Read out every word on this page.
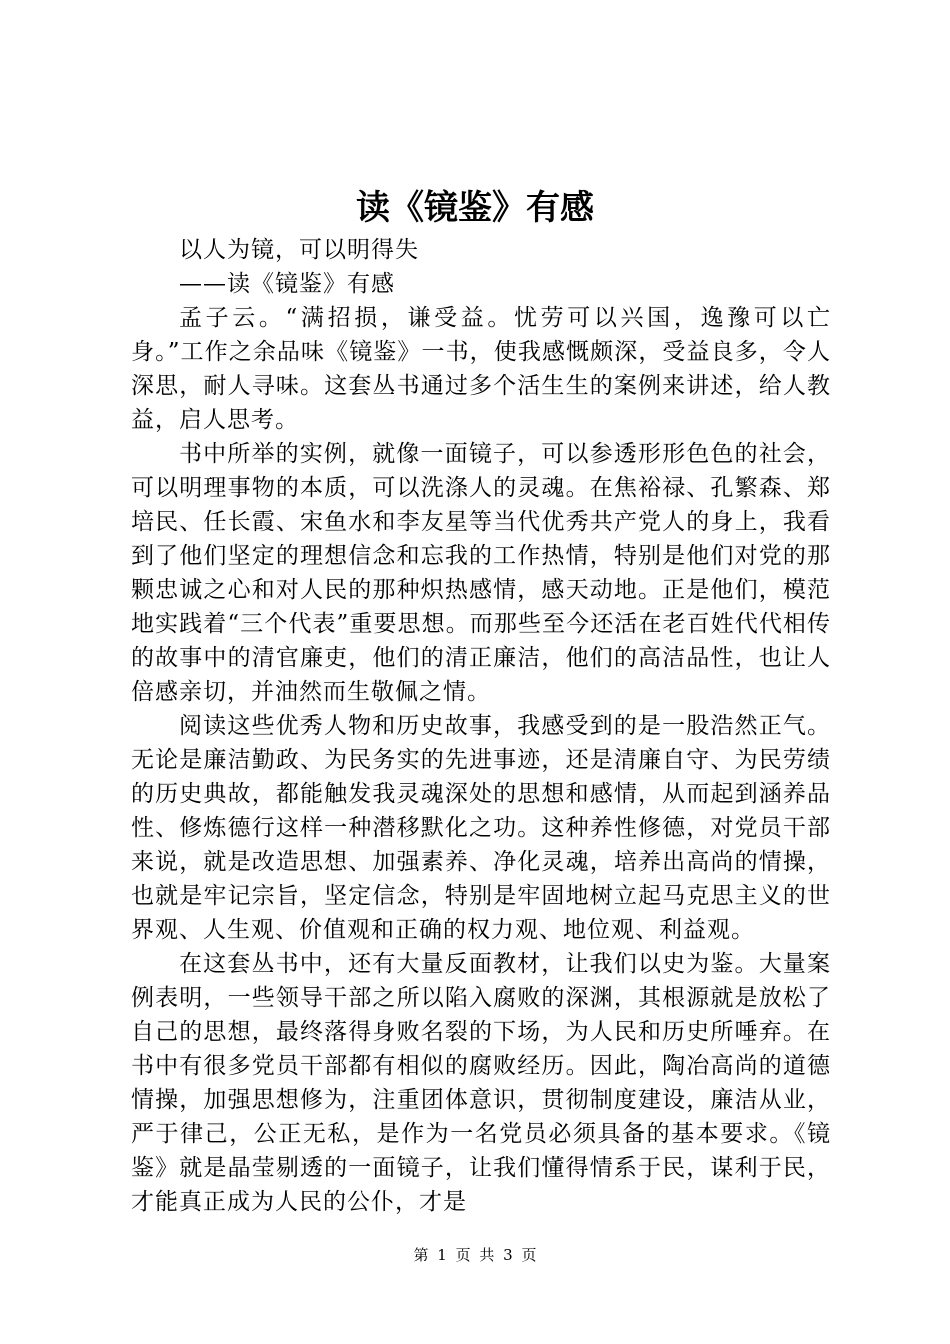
读《镜鉴》有感

以人为镜，可以明得失

——读《镜鉴》有感

孟子云。“满招损，谦受益。忧劳可以兴国，逸豫可以亡身。”工作之余品味《镜鉴》一书，使我感慨颇深，受益良多，令人深思，耐人寻味。这套丛书通过多个活生生的案例来讲述，给人教益，启人思考。

书中所举的实例，就像一面镜子，可以参透形形色色的社会，可以明理事物的本质，可以洗涤人的灵魂。在焦裕禄、孔繁森、郑培民、任长霞、宋鱼水和李友星等当代优秀共产党人的身上，我看到了他们坚定的理想信念和忘我的工作热情，特别是他们对党的那颗忠诚之心和对人民的那种炽热感情，感天动地。正是他们，模范地实践着“三个代表”重要思想。而那些至今还活在老百姓代代相传的故事中的清官廉吏，他们的清正廉洁，他们的高洁品性，也让人倍感亲切，并油然而生敬佩之情。

阅读这些优秀人物和历史故事，我感受到的是一股浩然正气。无论是廉洁勤政、为民务实的先进事迹，还是清廉自守、为民劳绩的历史典故，都能触发我灵魂深处的思想和感情，从而起到涵养品性、修炼德行这样一种潜移默化之功。这种养性修德，对党员干部来说，就是改造思想、加强素养、净化灵魂，培养出高尚的情操，也就是牢记宗旨，坚定信念，特别是牢固地树立起马克思主义的世界观、人生观、价值观和正确的权力观、地位观、利益观。

在这套丛书中，还有大量反面教材，让我们以史为鉴。大量案例表明，一些领导干部之所以陷入腐败的深渊，其根源就是放松了自己的思想，最终落得身败名裂的下场，为人民和历史所唾弃。在书中有很多党员干部都有相似的腐败经历。因此，陶冶高尚的道德情操，加强思想修为，注重团体意识，贯彻制度建设，廉洁从业，严于律己，公正无私，是作为一名党员必须具备的基本要求。《镜鉴》就是晶莹剔透的一面镜子，让我们懂得情系于民，谋利于民，才能真正成为人民的公仆，才是

第 1 页 共 3 页
